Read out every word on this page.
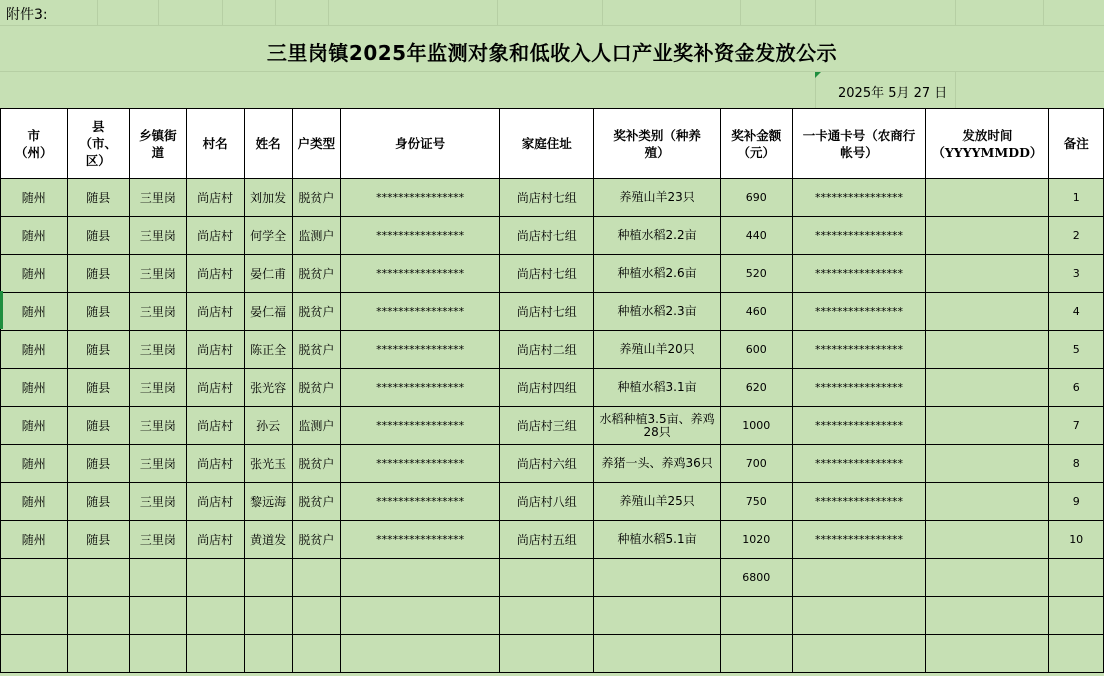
附件3:
三里岗镇2025年监测对象和低收入人口产业奖补资金发放公示
2025年 5月 27 日
市（州）	县（市、区）	乡镇街道	村名	姓名	户类型	身份证号	家庭住址	奖补类别（种养殖）	奖补金额（元）	一卡通卡号（农商行帐号）	发放时间（YYYYMMDD）	备注
随州	随县	三里岗	尚店村	刘加发	脱贫户	****************	尚店村七组	养殖山羊23只	690	****************		1
随州	随县	三里岗	尚店村	何学全	监测户	****************	尚店村七组	种植水稻2.2亩	440	****************		2
随州	随县	三里岗	尚店村	晏仁甫	脱贫户	****************	尚店村七组	种植水稻2.6亩	520	****************		3
随州	随县	三里岗	尚店村	晏仁福	脱贫户	****************	尚店村七组	种植水稻2.3亩	460	****************		4
随州	随县	三里岗	尚店村	陈正全	脱贫户	****************	尚店村二组	养殖山羊20只	600	****************		5
随州	随县	三里岗	尚店村	张光容	脱贫户	****************	尚店村四组	种植水稻3.1亩	620	****************		6
随州	随县	三里岗	尚店村	孙云	监测户	****************	尚店村三组	水稻种植3.5亩、养鸡28只	1000	****************		7
随州	随县	三里岗	尚店村	张光玉	脱贫户	****************	尚店村六组	养猪一头、养鸡36只	700	****************		8
随州	随县	三里岗	尚店村	黎远海	脱贫户	****************	尚店村八组	养殖山羊25只	750	****************		9
随州	随县	三里岗	尚店村	黄道发	脱贫户	****************	尚店村五组	种植水稻5.1亩	1020	****************		10
									6800			
